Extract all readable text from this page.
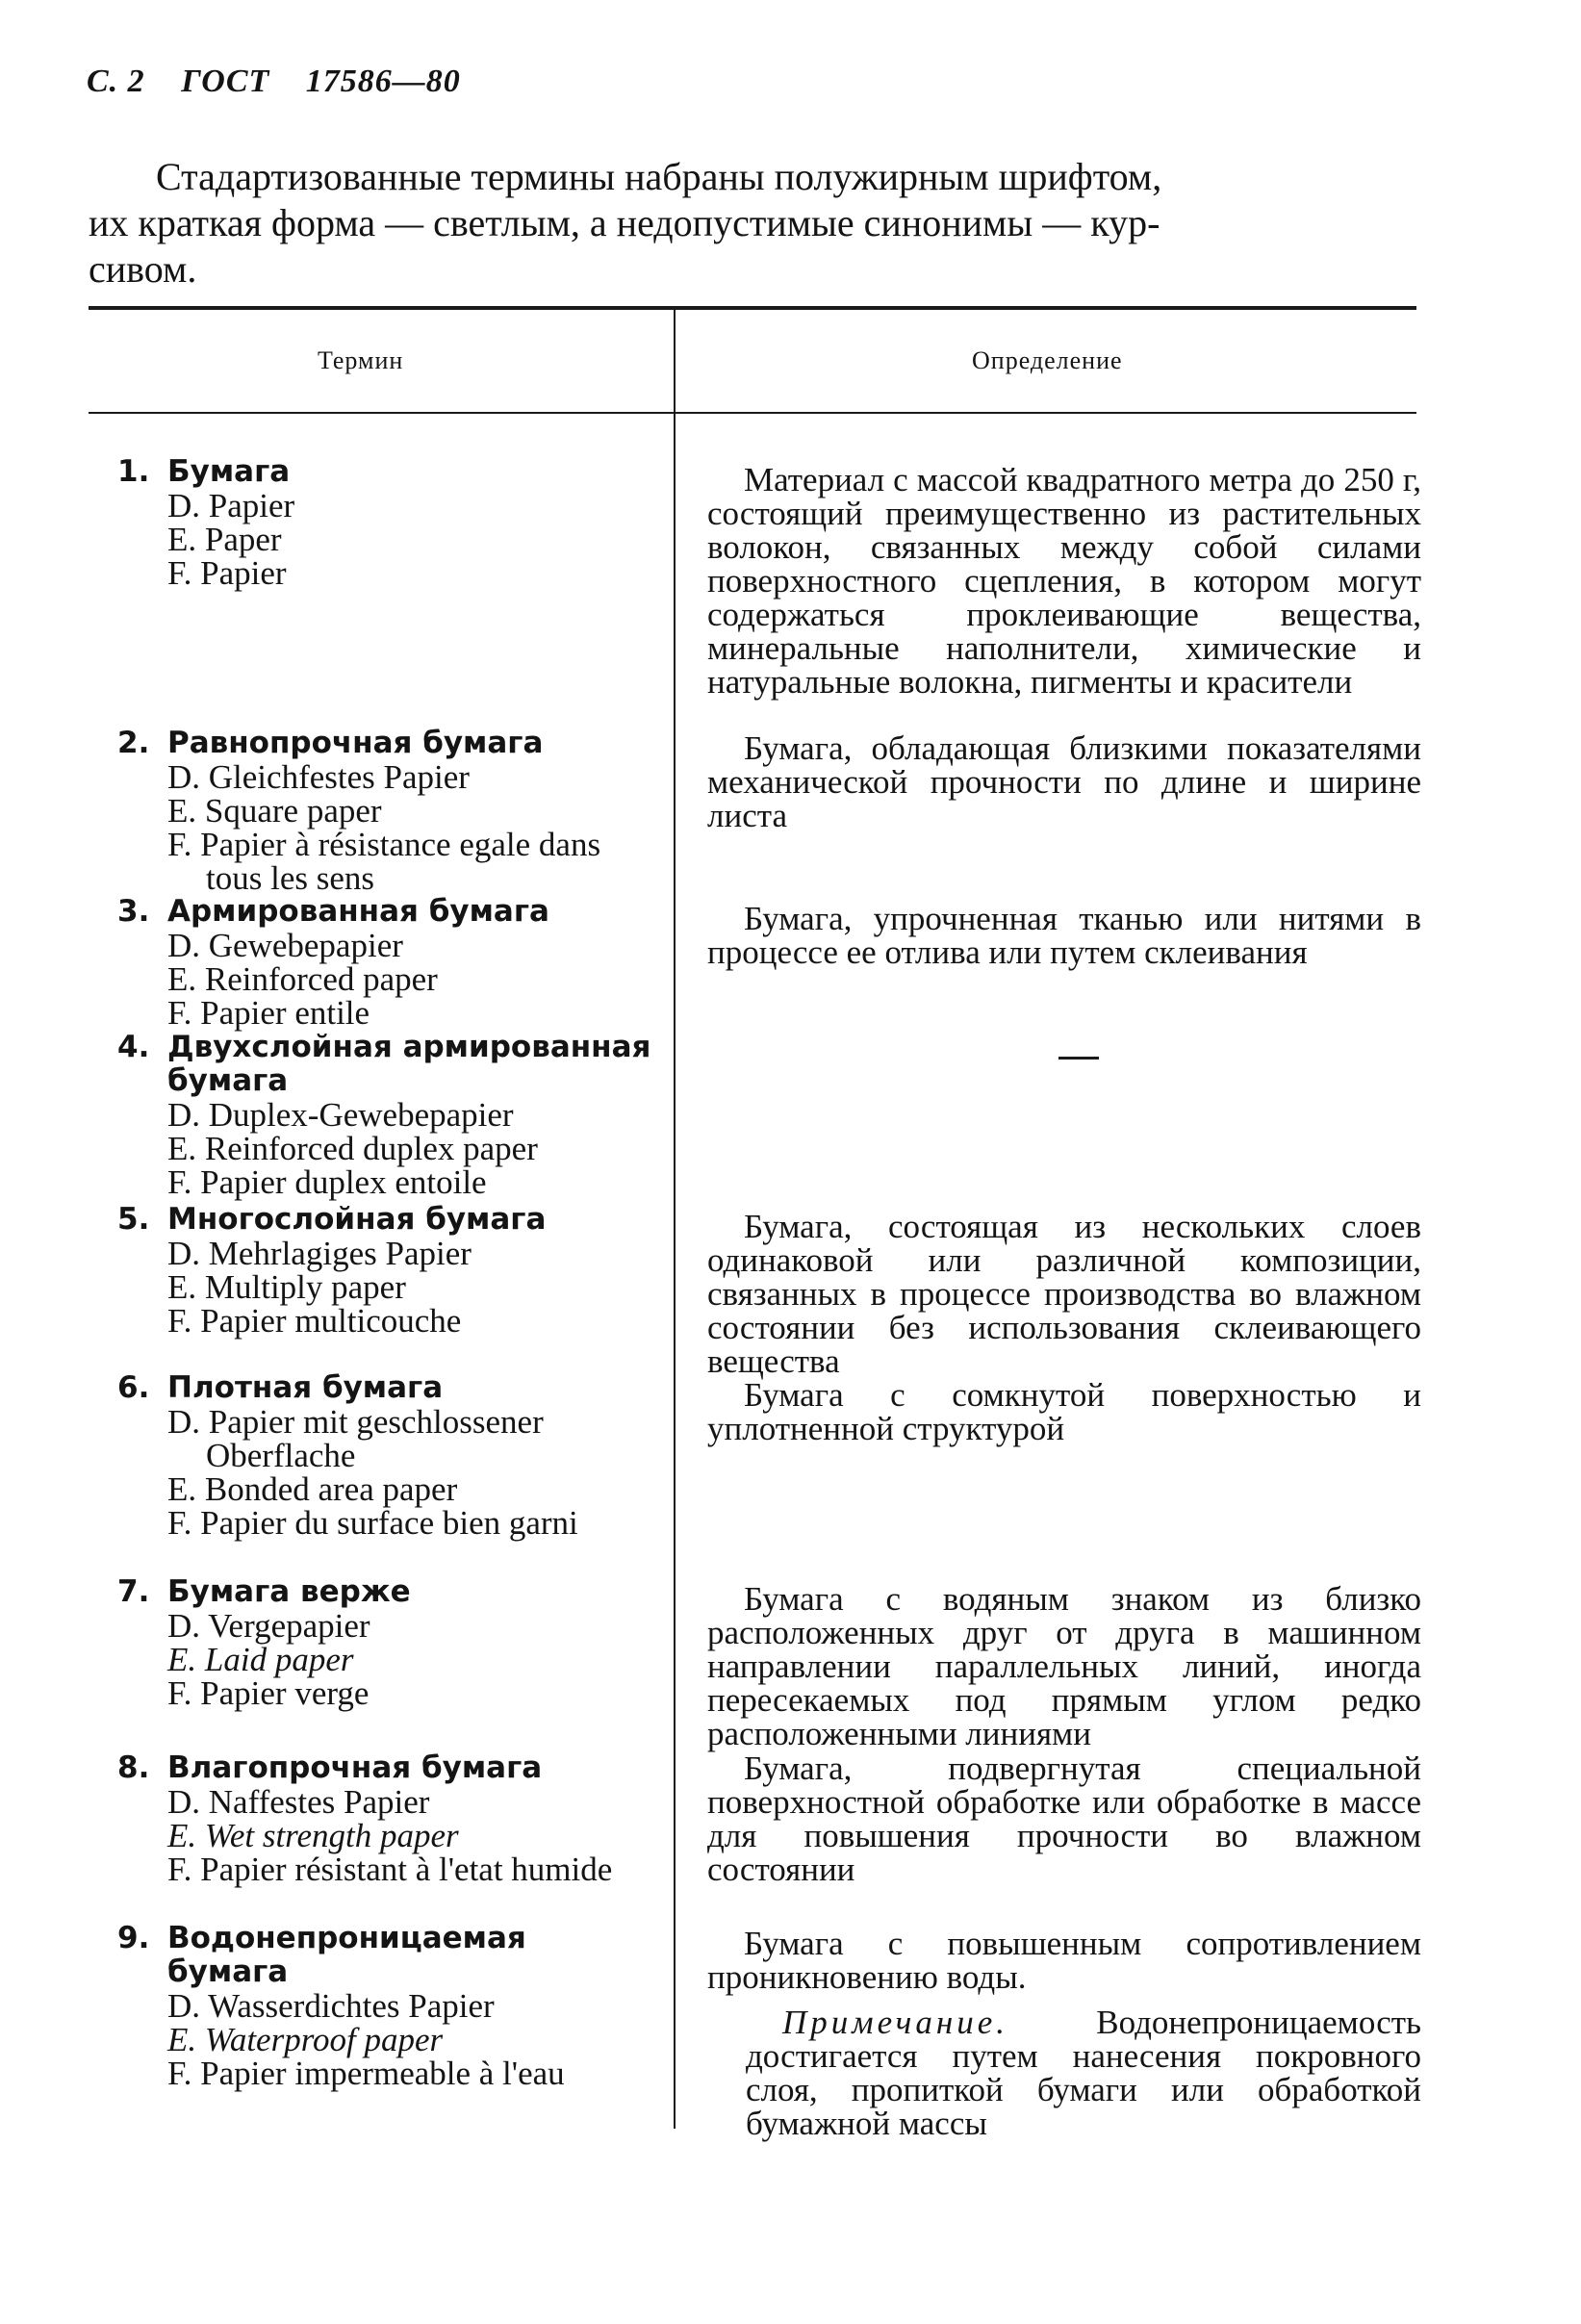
С. 2 ГОСТ 17586—80
Стадартизованные термины набраны полужирным шрифтом,
их краткая форма — светлым, а недопустимые синонимы — кур-
сивом.
Термин	Определение
1. Бумага
D. Papier
E. Paper
F. Papier
Материал с массой квадратного метра до 250 г, состоящий преимущественно из растительных волокон, связанных между собой силами поверхностного сцепления, в котором могут содержаться проклеивающие вещества, минеральные наполнители, химические и натуральные волокна, пигменты и красители
2. Равнопрочная бумага
D. Gleichfestes Papier
E. Square paper
F. Papier à résistance egale dans tous les sens
Бумага, обладающая близкими показателями механической прочности по длине и ширине листа
3. Армированная бумага
D. Gewebepapier
E. Reinforced paper
F. Papier entile
Бумага, упрочненная тканью или нитями в процессе ее отлива или путем склеивания
4. Двухслойная армированная бумага
D. Duplex-Gewebepapier
E. Reinforced duplex paper
F. Papier duplex entoile
5. Многослойная бумага
D. Mehrlagiges Papier
E. Multiply paper
F. Papier multicouche
Бумага, состоящая из нескольких слоев одинаковой или различной композиции, связанных в процессе производства во влажном состоянии без использования склеивающего вещества
6. Плотная бумага
D. Papier mit geschlossener Oberflache
E. Bonded area paper
F. Papier du surface bien garni
Бумага с сомкнутой поверхностью и уплотненной структурой
7. Бумага верже
D. Vergepapier
E. Laid paper
F. Papier verge
Бумага с водяным знаком из близко расположенных друг от друга в машинном направлении параллельных линий, иногда пересекаемых под прямым углом редко расположенными линиями
8. Влагопрочная бумага
D. Naffestes Papier
E. Wet strength paper
F. Papier résistant à l'etat humide
Бумага, подвергнутая специальной поверхностной обработке или обработке в массе для повышения прочности во влажном состоянии
9. Водонепроницаемая бумага
D. Wasserdichtes Papier
E. Waterproof paper
F. Papier impermeable à l'eau
Бумага с повышенным сопротивлением проникновению воды.
Примечание.	Водонепроницаемость достигается путем нанесения покровного слоя, пропиткой бумаги или обработкой бумажной массы
